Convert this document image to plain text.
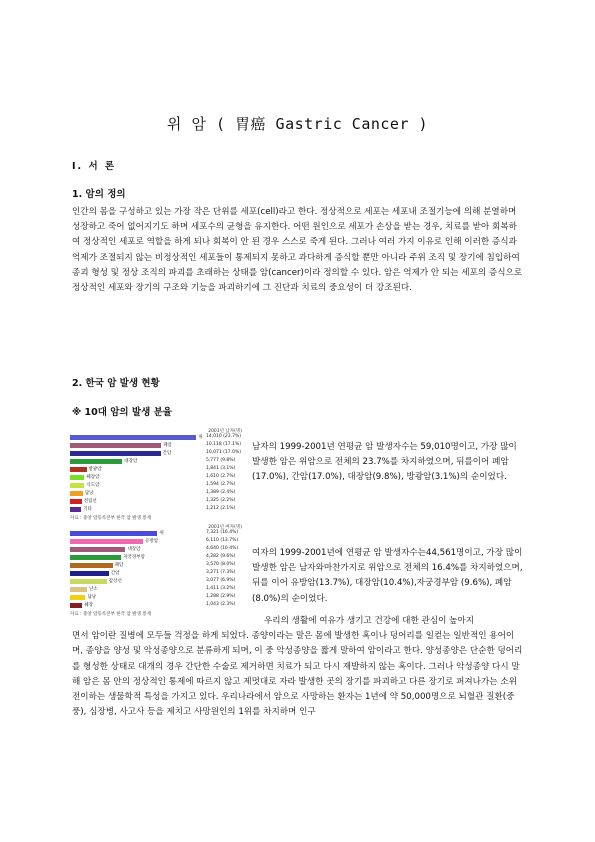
위 암 ( 胃癌 Gastric Cancer )
Ⅰ. 서 론
1. 암의 정의
인간의 몸을 구성하고 있는 가장 작은 단위를 세포(cell)라고 한다. 정상적으로 세포는 세포내 조절기능에 의해 분열하며 성장하고 죽어 없어지기도 하며 세포수의 균형을 유지한다. 어떤 원인으로 세포가 손상을 받는 경우, 치료를 받아 회복하여 정상적인 세포로 역할을 하게 되나 회복이 안 된 경우 스스로 죽게 된다. 그러나 여러 가지 이유로 인해 이러한 증식과 억제가 조절되지 않는 비정상적인 세포들이 통제되지 못하고 과다하게 증식할 뿐만 아니라 주위 조직 및 장기에 침입하여 종괴 형성 및 정상 조직의 파괴를 초래하는 상태를 암(cancer)이라 정의할 수 있다. 암은 억제가 안 되는 세포의 증식으로 정상적인 세포와 장기의 구조와 기능을 파괴하기에 그 진단과 치료의 중요성이 더 강조된다.
2. 한국 암 발생 현황
※ 10대 암의 발생 분율
2001년 남자(명)
위 14,010 (23.7%)
폐암	10,118 (17.1%)
간암	10,071 (17.0%)
대장암	5,777 (9.8%)
방광암	1,841 (3.1%)
췌장암	1,610 (2.7%)
식도암	1,594 (2.7%)
담낭	1,389 (2.4%)
전립선	1,325 (2.2%)
기타	1,212 (2.1%)
자료 : 중앙 암등록본부 한국 암 발생 통계
남자의 1999-2001년 연평균 암 발생자수는 59,010명이고, 가장 많이 발생한 암은 위암으로 전체의 23.7%를 차지하였으며, 뒤를이어 폐암(17.0%), 간암(17.0%), 대장암(9.8%), 방광암(3.1%)의 순이었다.
2001년 여자(명)
위	7,321 (16.4%)
유방암	6,110 (13.7%)
대장암	4,640 (10.4%)
자궁경부암	4,282 (9.6%)
폐암	3,570 (8.0%)
간암	3,271 (7.3%)
갑상선	3,077 (6.9%)
난소	1,411 (3.2%)
담낭	1,288 (2.9%)
췌장	1,043 (2.3%)
자료 : 중앙 암등록본부 한국 암 발생 통계
여자의 1999-2001년에 연평균 암 발생자수는44,561명이고, 가장 많이 발생한 암은 남자와마찬가지로 위암으로 전체의 16.4%를 차지하였으며, 뒤를 이어 유방암(13.7%), 대장암(10.4%),자궁경부암 (9.6%), 폐암(8.0%)의 순이었다.
우리의 생활에 여유가 생기고 건강에 대한 관심이 높아지
면서 암이란 질병에 모두들 걱정을 하게 되었다. 종양이라는 말은 몸에 발생한 혹이나 덩어리를 일컫는 일반적인 용어이며, 종양을 양성 및 악성종양으로 분류하게 되며, 이 중 악성종양을 짧게 말하여 암이라고 한다. 양성종양은 단순한 덩어리를 형성한 상태로 대개의 경우 간단한 수술로 제거하면 치료가 되고 다시 재발하지 않는 혹이다. 그러나 악성종양 다시 말해 암은 몸 안의 정상적인 통제에 따르지 않고 제멋대로 자라 발생한 곳의 장기를 파괴하고 다른 장기로 퍼져나가는 소위 전이하는 생물학적 특성을 가지고 있다. 우리나라에서 암으로 사망하는 환자는 1년에 약 50,000명으로 뇌혈관 질환(중풍), 심장병, 사고사 등을 제치고 사망원인의 1위를 차지하며 인구
